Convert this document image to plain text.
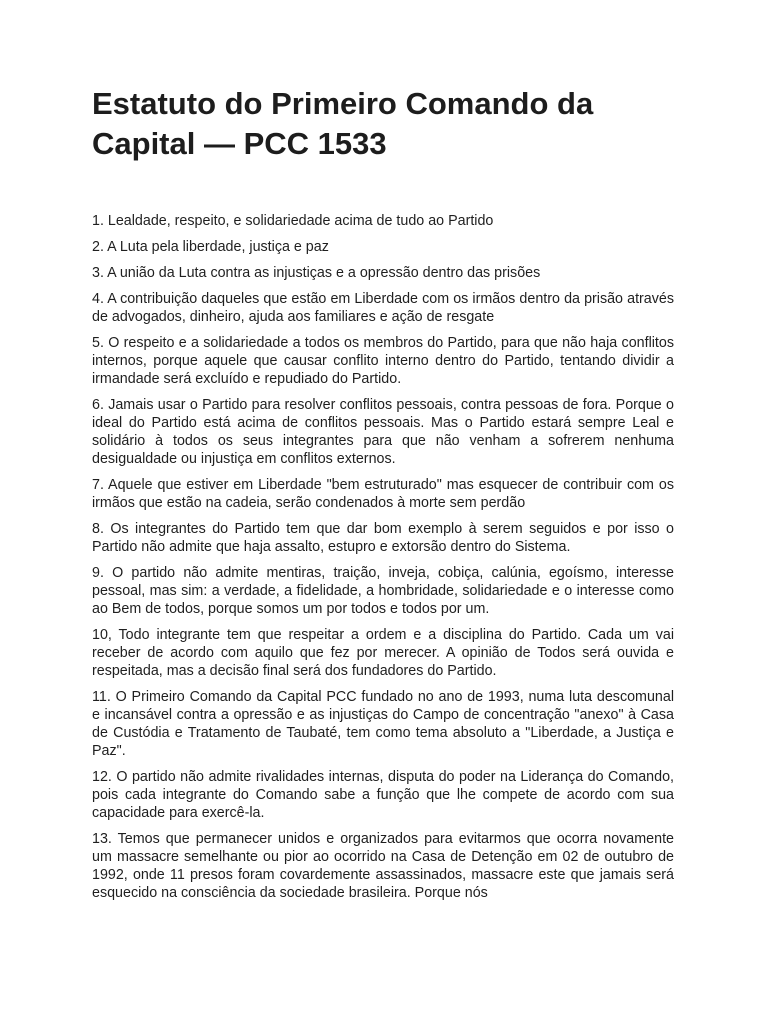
Estatuto do Primeiro Comando da Capital — PCC 1533

1. Lealdade, respeito, e solidariedade acima de tudo ao Partido

2. A Luta pela liberdade, justiça e paz

3. A união da Luta contra as injustiças e a opressão dentro das prisões

4. A contribuição daqueles que estão em Liberdade com os irmãos dentro da prisão através de advogados, dinheiro, ajuda aos familiares e ação de resgate

5. O respeito e a solidariedade a todos os membros do Partido, para que não haja conflitos internos, porque aquele que causar conflito interno dentro do Partido, tentando dividir a irmandade será excluído e repudiado do Partido.

6. Jamais usar o Partido para resolver conflitos pessoais, contra pessoas de fora. Porque o ideal do Partido está acima de conflitos pessoais. Mas o Partido estará sempre Leal e solidário à todos os seus integrantes para que não venham a sofrerem nenhuma desigualdade ou injustiça em conflitos externos.

7. Aquele que estiver em Liberdade "bem estruturado" mas esquecer de contribuir com os irmãos que estão na cadeia, serão condenados à morte sem perdão

8. Os integrantes do Partido tem que dar bom exemplo à serem seguidos e por isso o Partido não admite que haja assalto, estupro e extorsão dentro do Sistema.

9. O partido não admite mentiras, traição, inveja, cobiça, calúnia, egoísmo, interesse pessoal, mas sim: a verdade, a fidelidade, a hombridade, solidariedade e o interesse como ao Bem de todos, porque somos um por todos e todos por um.

10, Todo integrante tem que respeitar a ordem e a disciplina do Partido. Cada um vai receber de acordo com aquilo que fez por merecer. A opinião de Todos será ouvida e respeitada, mas a decisão final será dos fundadores do Partido.

11. O Primeiro Comando da Capital PCC fundado no ano de 1993, numa luta descomunal e incansável contra a opressão e as injustiças do Campo de concentração "anexo" à Casa de Custódia e Tratamento de Taubaté, tem como tema absoluto a "Liberdade, a Justiça e Paz".

12. O partido não admite rivalidades internas, disputa do poder na Liderança do Comando, pois cada integrante do Comando sabe a função que lhe compete de acordo com sua capacidade para exercê-la.

13. Temos que permanecer unidos e organizados para evitarmos que ocorra novamente um massacre semelhante ou pior ao ocorrido na Casa de Detenção em 02 de outubro de 1992, onde 11 presos foram covardemente assassinados, massacre este que jamais será esquecido na consciência da sociedade brasileira. Porque nós
